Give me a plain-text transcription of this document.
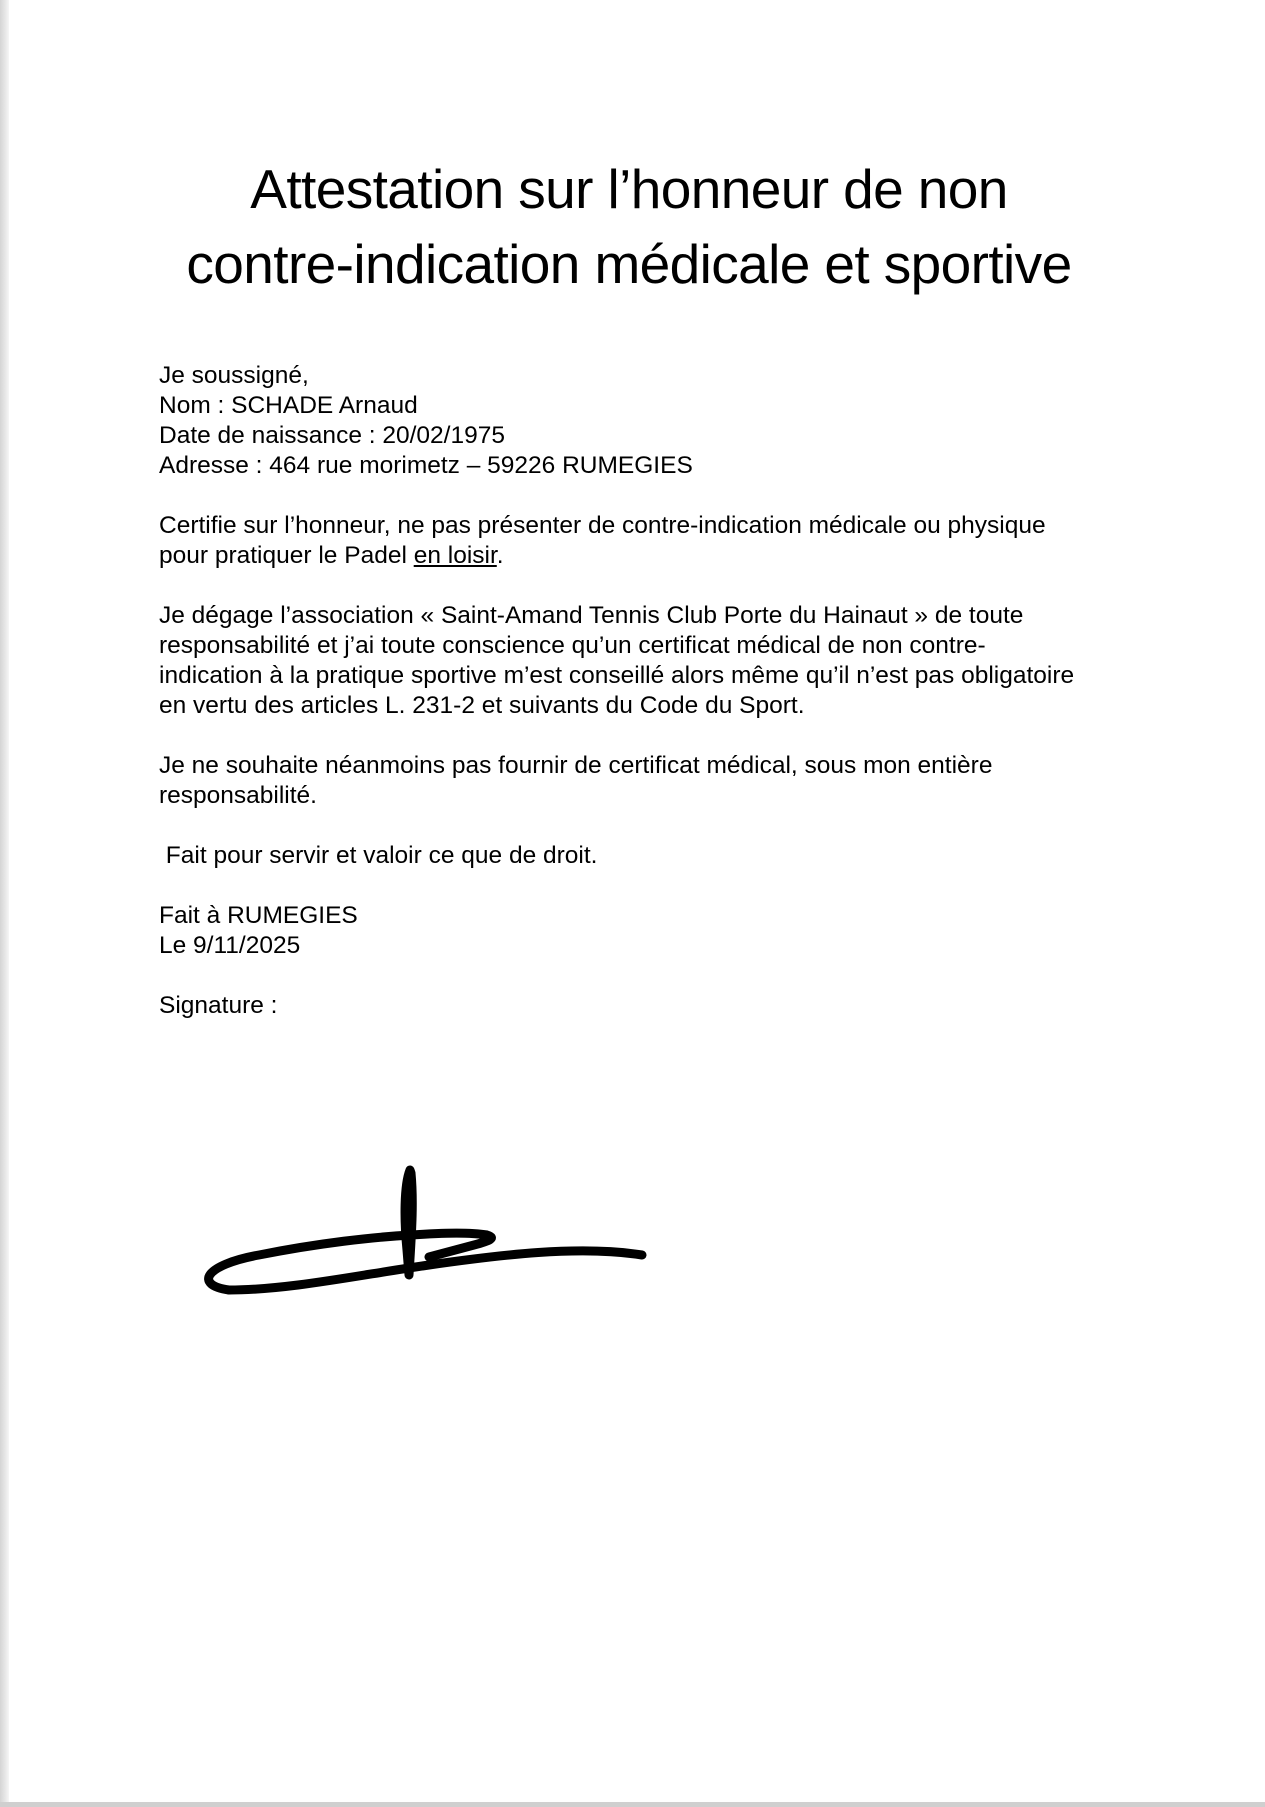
Attestation sur l’honneur de non
contre-indication médicale et sportive

Je soussigné,
Nom : SCHADE Arnaud
Date de naissance : 20/02/1975
Adresse : 464 rue morimetz – 59226 RUMEGIES

Certifie sur l’honneur, ne pas présenter de contre-indication médicale ou physique
pour pratiquer le Padel en loisir.

Je dégage l’association « Saint-Amand Tennis Club Porte du Hainaut » de toute
responsabilité et j’ai toute conscience qu’un certificat médical de non contre-
indication à la pratique sportive m’est conseillé alors même qu’il n’est pas obligatoire
en vertu des articles L. 231-2 et suivants du Code du Sport.

Je ne souhaite néanmoins pas fournir de certificat médical, sous mon entière
responsabilité.

Fait pour servir et valoir ce que de droit.

Fait à RUMEGIES
Le 9/11/2025

Signature :
